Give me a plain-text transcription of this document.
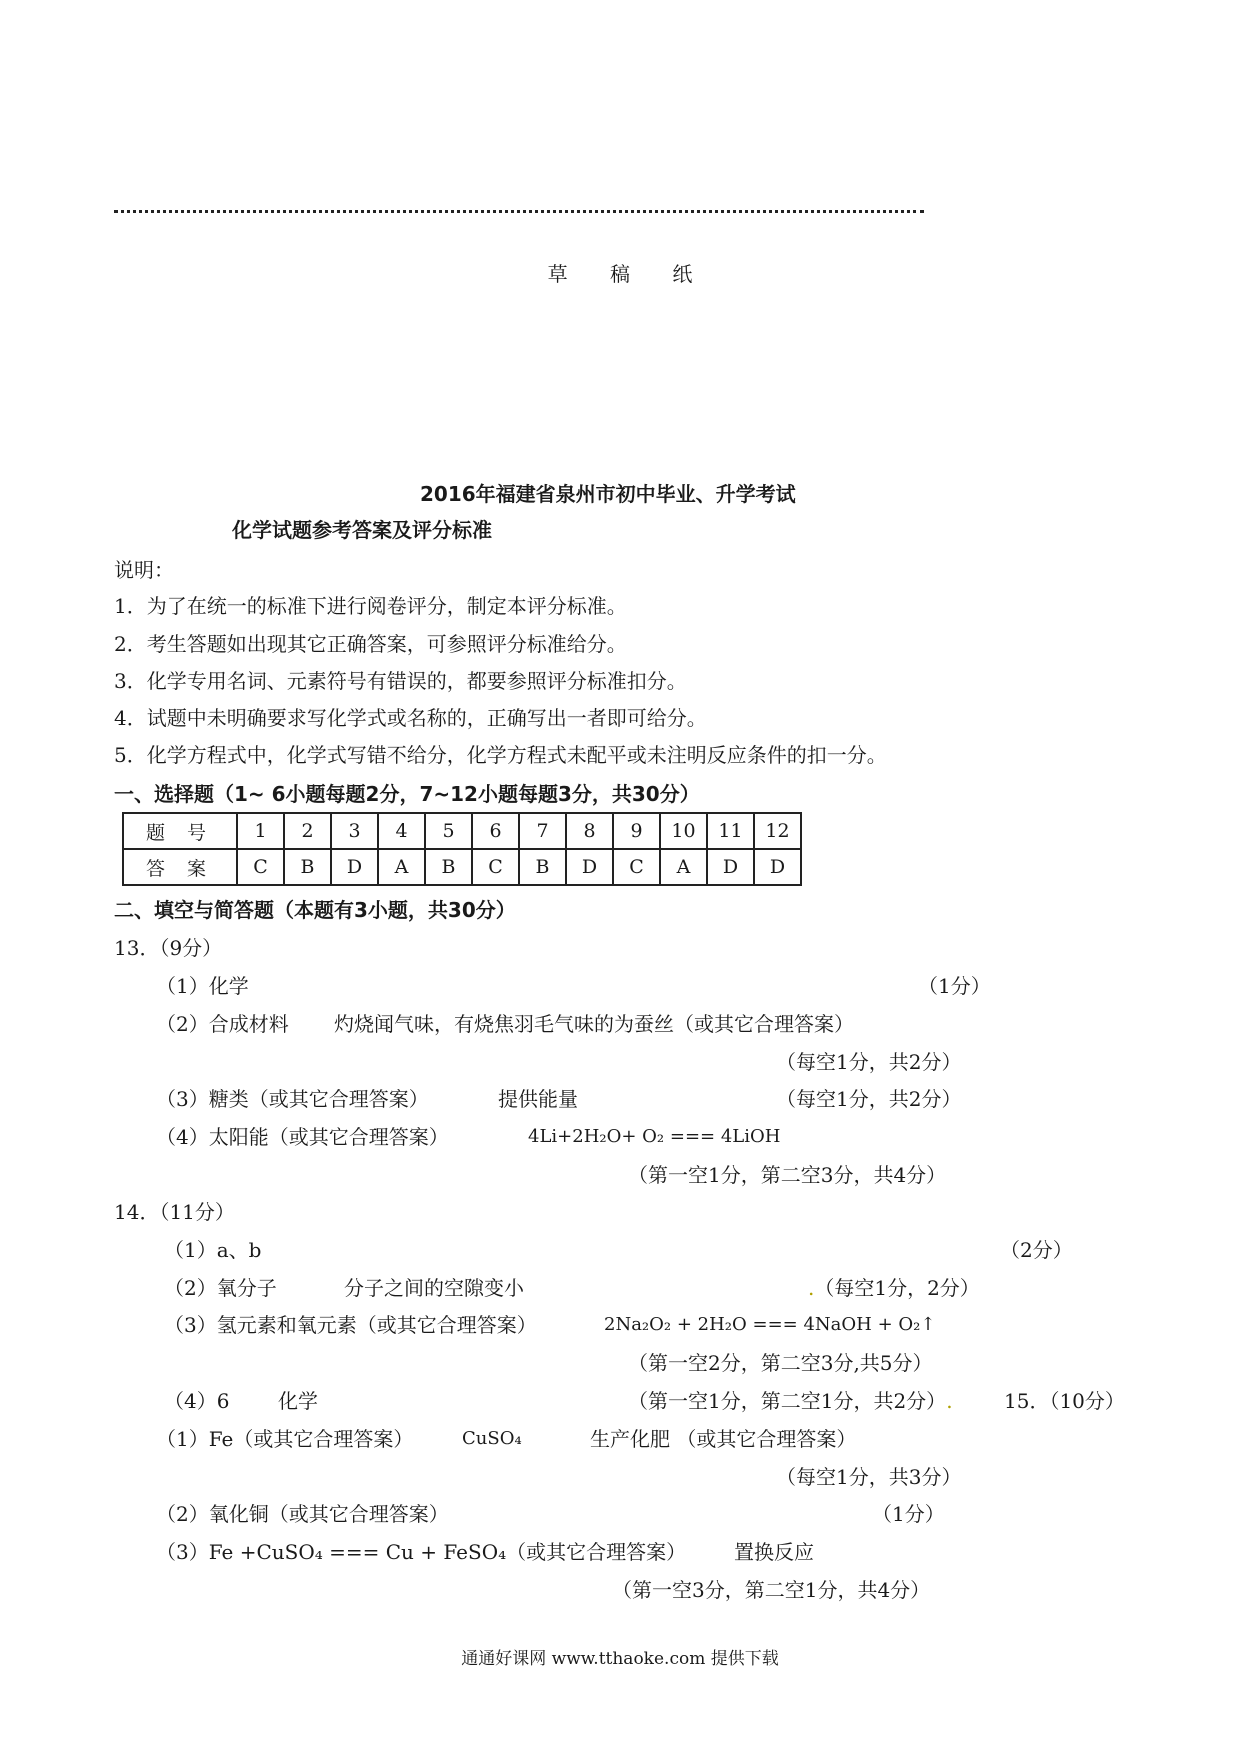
草 稿 纸
2016年福建省泉州市初中毕业、升学考试
化学试题参考答案及评分标准
说明：
1．为了在统一的标准下进行阅卷评分，制定本评分标准。
2．考生答题如出现其它正确答案，可参照评分标准给分。
3．化学专用名词、元素符号有错误的，都要参照评分标准扣分。
4．试题中未明确要求写化学式或名称的，正确写出一者即可给分。
5．化学方程式中，化学式写错不给分，化学方程式未配平或未注明反应条件的扣一分。
一、选择题（1~ 6小题每题2分，7~12小题每题3分，共30分）
题 号	1	2	3	4	5	6	7	8	9	10	11	12
答 案	C	B	D	A	B	C	B	D	C	A	D	D
二、填空与简答题（本题有3小题，共30分）
13．（9分）
（1）化学	（1分）
（2）合成材料 灼烧闻气味，有烧焦羽毛气味的为蚕丝（或其它合理答案）
（每空1分，共2分）
（3）糖类（或其它合理答案）	提供能量	（每空1分，共2分）
（4）太阳能（或其它合理答案）	4Li+2H₂O+ O₂ === 4LiOH
（第一空1分，第二空3分，共4分）
14．（11分）
（1）a、b	（2分）
（2）氧分子	分子之间的空隙变小	.（每空1分，2分）
（3）氢元素和氧元素（或其它合理答案）	2Na₂O₂ + 2H₂O === 4NaOH + O₂↑
（第一空2分，第二空3分,共5分）
（4）6 化学	（第一空1分，第二空1分，共2分）.	15．（10分）
（1）Fe（或其它合理答案）	CuSO₄	生产化肥 （或其它合理答案）
（每空1分，共3分）
（2）氧化铜（或其它合理答案）	（1分）
（3）Fe +CuSO₄ === Cu + FeSO₄（或其它合理答案） 置换反应
（第一空3分，第二空1分，共4分）
通通好课网 www.tthaoke.com 提供下载
